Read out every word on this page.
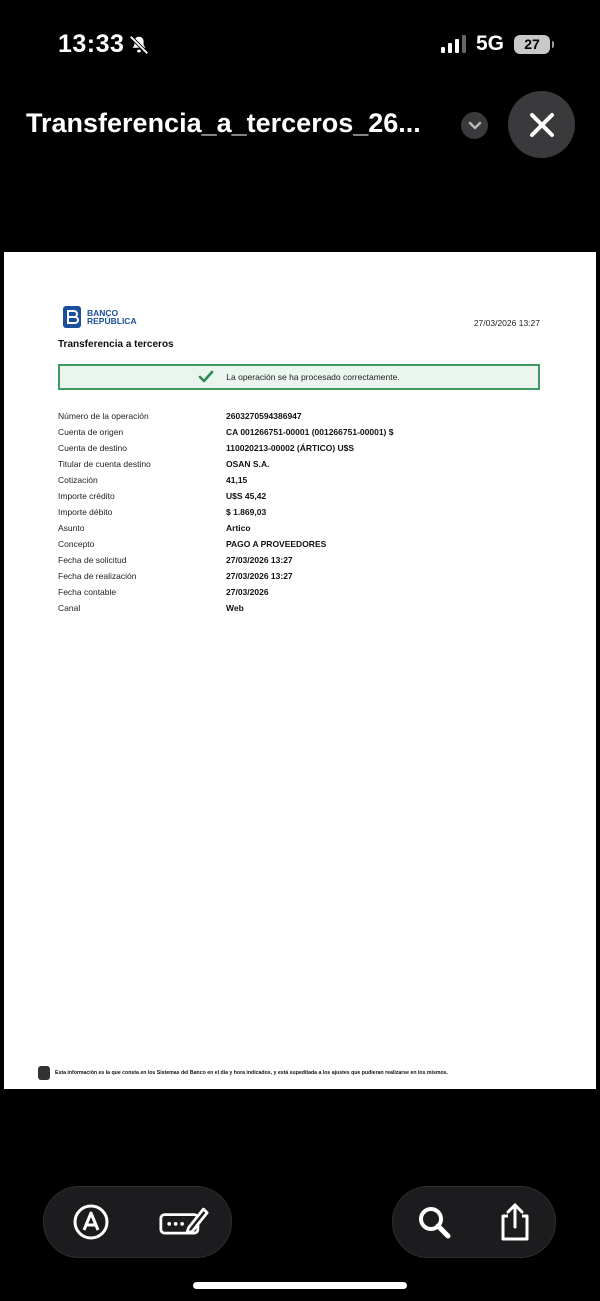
13:33	5G 27
Transferencia_a_terceros_26...
BANCO
REPÚBLICA	27/03/2026 13:27
Transferencia a terceros
La operación se ha procesado correctamente.
Número de la operación	2603270594386947
Cuenta de origen	CA 001266751-00001 (001266751-00001) $
Cuenta de destino	110020213-00002 (ÁRTICO) U$S
Titular de cuenta destino	OSAN S.A.
Cotización	41,15
Importe crédito	U$S 45,42
Importe débito	$ 1.869,03
Asunto	Artico
Concepto	PAGO A PROVEEDORES
Fecha de solicitud	27/03/2026 13:27
Fecha de realización	27/03/2026 13:27
Fecha contable	27/03/2026
Canal	Web
Esta información es la que consta en los Sistemas del Banco en el día y hora indicados, y está supeditada a los ajustes que pudieran realizarse en los mismos.
